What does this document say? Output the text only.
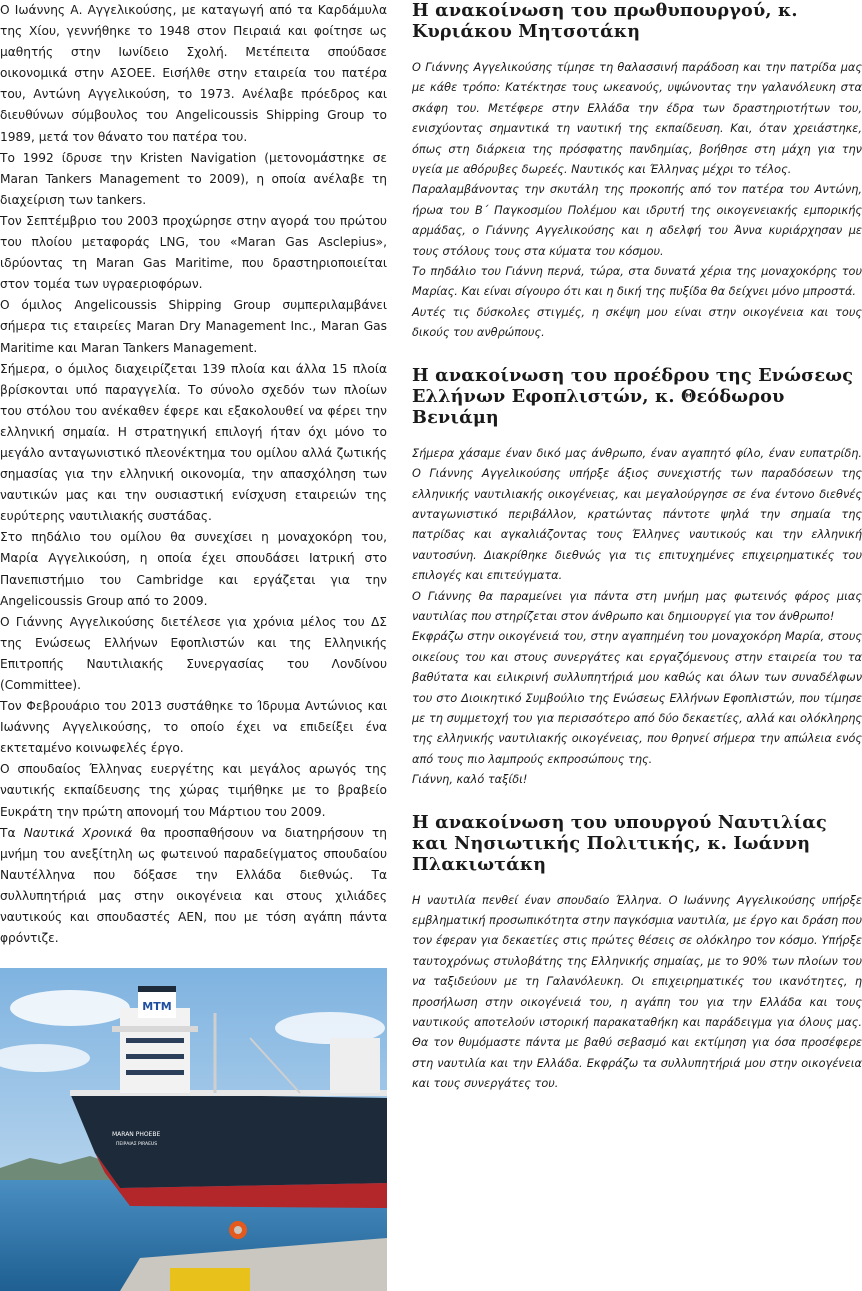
Ο Ιωάννης Α. Αγγελικούσης, με καταγωγή από τα Καρδάμυλα της Χίου, γεννήθηκε το 1948 στον Πειραιά και φοίτησε ως μαθητής στην Ιωνίδειο Σχολή. Μετέπειτα σπούδασε οικονομικά στην ΑΣΟΕΕ. Εισήλθε στην εταιρεία του πατέρα του, Αντώνη Αγγελικούση, το 1973. Ανέλαβε πρόεδρος και διευθύνων σύμβουλος του Angelicoussis Shipping Group το 1989, μετά τον θάνατο του πατέρα του.

Το 1992 ίδρυσε την Kristen Navigation (μετονομάστηκε σε Maran Tankers Management το 2009), η οποία ανέλαβε τη διαχείριση των tankers.

Τον Σεπτέμβριο του 2003 προχώρησε στην αγορά του πρώτου του πλοίου μεταφοράς LNG, του «Maran Gas Asclepius», ιδρύοντας τη Maran Gas Maritime, που δραστηριοποιείται στον τομέα των υγραεριοφόρων.

Ο όμιλος Angelicoussis Shipping Group συμπεριλαμβάνει σήμερα τις εταιρείες Maran Dry Management Inc., Maran Gas Maritime και Maran Tankers Management.

Σήμερα, ο όμιλος διαχειρίζεται 139 πλοία και άλλα 15 πλοία βρίσκονται υπό παραγγελία. Το σύνολο σχεδόν των πλοίων του στόλου του ανέκαθεν έφερε και εξακολουθεί να φέρει την ελληνική σημαία. Η στρατηγική επιλογή ήταν όχι μόνο το μεγάλο ανταγωνιστικό πλεονέκτημα του ομίλου αλλά ζωτικής σημασίας για την ελληνική οικονομία, την απασχόληση των ναυτικών μας και την ουσιαστική ενίσχυση εταιρειών της ευρύτερης ναυτιλιακής συστάδας.

Στο πηδάλιο του ομίλου θα συνεχίσει η μοναχοκόρη του, Μαρία Αγγελικούση, η οποία έχει σπουδάσει Ιατρική στο Πανεπιστήμιο του Cambridge και εργάζεται για την Angelicoussis Group από το 2009.

Ο Γιάννης Αγγελικούσης διετέλεσε για χρόνια μέλος του ΔΣ της Ενώσεως Ελλήνων Εφοπλιστών και της Ελληνικής Επιτροπής Ναυτιλιακής Συνεργασίας του Λονδίνου (Committee).

Τον Φεβρουάριο του 2013 συστάθηκε το Ίδρυμα Αντώνιος και Ιωάννης Αγγελικούσης, το οποίο έχει να επιδείξει ένα εκτεταμένο κοινωφελές έργο.

Ο σπουδαίος Έλληνας ευεργέτης και μεγάλος αρωγός της ναυτικής εκπαίδευσης της χώρας τιμήθηκε με το βραβείο Ευκράτη την πρώτη απονομή του Μάρτιου του 2009.

Τα Ναυτικά Χρονικά θα προσπαθήσουν να διατηρήσουν τη μνήμη του ανεξίτηλη ως φωτεινού παραδείγματος σπουδαίου Ναυτέλληνα που δόξασε την Ελλάδα διεθνώς. Τα συλλυπητήριά μας στην οικογένεια και στους χιλιάδες ναυτικούς και σπουδαστές ΑΕΝ, που με τόση αγάπη πάντα φρόντιζε.

MTM
MARAN PHOEBE
ΠΕΙΡΑΙΑΣ PIRAEUS
Η ανακοίνωση του πρωθυπουργού, κ. Κυριάκου Μητσοτάκη

Ο Γιάννης Αγγελικούσης τίμησε τη θαλασσινή παράδοση και την πατρίδα μας με κάθε τρόπο: Κατέκτησε τους ωκεανούς, υψώνοντας την γαλανόλευκη στα σκάφη του. Μετέφερε στην Ελλάδα την έδρα των δραστηριοτήτων του, ενισχύοντας σημαντικά τη ναυτική της εκπαίδευση. Και, όταν χρειάστηκε, όπως στη διάρκεια της πρόσφατης πανδημίας, βοήθησε στη μάχη για την υγεία με αθόρυβες δωρεές. Ναυτικός και Έλληνας μέχρι το τέλος.

Παραλαμβάνοντας την σκυτάλη της προκοπής από τον πατέρα του Αντώνη, ήρωα του Β΄ Παγκοσμίου Πολέμου και ιδρυτή της οικογενειακής εμπορικής αρμάδας, ο Γιάννης Αγγελικούσης και η αδελφή του Άννα κυριάρχησαν με τους στόλους τους στα κύματα του κόσμου.

Το πηδάλιο του Γιάννη περνά, τώρα, στα δυνατά χέρια της μοναχοκόρης του Μαρίας. Και είναι σίγουρο ότι και η δική της πυξίδα θα δείχνει μόνο μπροστά.

Αυτές τις δύσκολες στιγμές, η σκέψη μου είναι στην οικογένεια και τους δικούς του ανθρώπους.

Η ανακοίνωση του προέδρου της Ενώσεως Ελλήνων Εφοπλιστών, κ. Θεόδωρου Βενιάμη

Σήμερα χάσαμε έναν δικό μας άνθρωπο, έναν αγαπητό φίλο, έναν ευπατρίδη. Ο Γιάννης Αγγελικούσης υπήρξε άξιος συνεχιστής των παραδόσεων της ελληνικής ναυτιλιακής οικογένειας, και μεγαλούργησε σε ένα έντονο διεθνές ανταγωνιστικό περιβάλλον, κρατώντας πάντοτε ψηλά την σημαία της πατρίδας και αγκαλιάζοντας τους Έλληνες ναυτικούς και την ελληνική ναυτοσύνη. Διακρίθηκε διεθνώς για τις επιτυχημένες επιχειρηματικές του επιλογές και επιτεύγματα.

Ο Γιάννης θα παραμείνει για πάντα στη μνήμη μας φωτεινός φάρος μιας ναυτιλίας που στηρίζεται στον άνθρωπο και δημιουργεί για τον άνθρωπο!

Εκφράζω στην οικογένειά του, στην αγαπημένη του μοναχοκόρη Μαρία, στους οικείους του και στους συνεργάτες και εργαζόμενους στην εταιρεία του τα βαθύτατα και ειλικρινή συλλυπητήριά μου καθώς και όλων των συναδέλφων του στο Διοικητικό Συμβούλιο της Ενώσεως Ελλήνων Εφοπλιστών, που τίμησε με τη συμμετοχή του για περισσότερο από δύο δεκαετίες, αλλά και ολόκληρης της ελληνικής ναυτιλιακής οικογένειας, που θρηνεί σήμερα την απώλεια ενός από τους πιο λαμπρούς εκπροσώπους της.

Γιάννη, καλό ταξίδι!

Η ανακοίνωση του υπουργού Ναυτιλίας και Νησιωτικής Πολιτικής, κ. Ιωάννη Πλακιωτάκη

Η ναυτιλία πενθεί έναν σπουδαίο Έλληνα. Ο Ιωάννης Αγγελικούσης υπήρξε εμβληματική προσωπικότητα στην παγκόσμια ναυτιλία, με έργο και δράση που τον έφεραν για δεκαετίες στις πρώτες θέσεις σε ολόκληρο τον κόσμο. Υπήρξε ταυτοχρόνως στυλοβάτης της Ελληνικής σημαίας, με το 90% των πλοίων του να ταξιδεύουν με τη Γαλανόλευκη. Οι επιχειρηματικές του ικανότητες, η προσήλωση στην οικογένειά του, η αγάπη του για την Ελλάδα και τους ναυτικούς αποτελούν ιστορική παρακαταθήκη και παράδειγμα για όλους μας. Θα τον θυμόμαστε πάντα με βαθύ σεβασμό και εκτίμηση για όσα προσέφερε στη ναυτιλία και την Ελλάδα. Εκφράζω τα συλλυπητήριά μου στην οικογένεια και τους συνεργάτες του.
